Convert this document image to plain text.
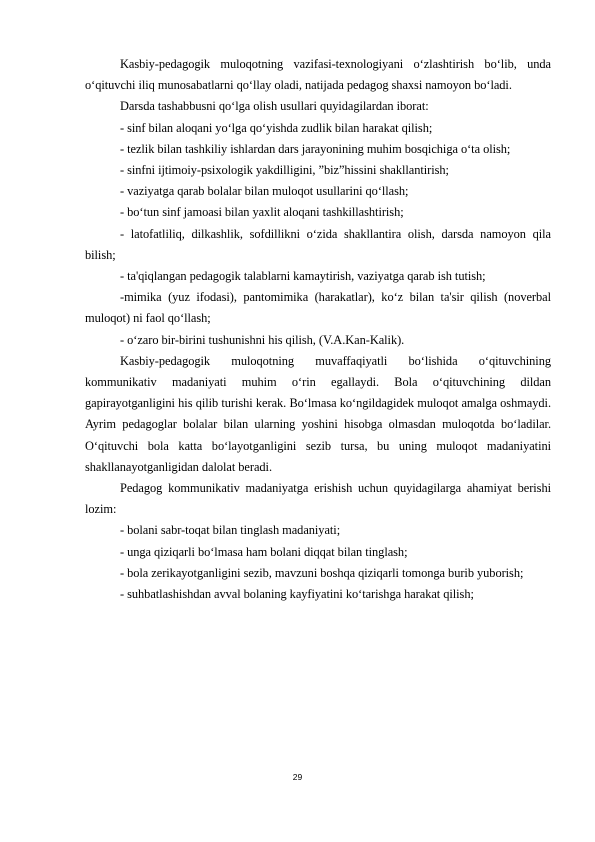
Kasbiy-pedagogik muloqotning vazifasi-texnologiyani o‘zlashtirish bo‘lib, unda o‘qituvchi iliq munosabatlarni qo‘llay oladi, natijada pedagog shaxsi namoyon bo‘ladi.

Darsda tashabbusni qo‘lga olish usullari quyidagilardan iborat:

- sinf bilan aloqani yo‘lga qo‘yishda zudlik bilan harakat qilish;

- tezlik bilan tashkiliy ishlardan dars jarayonining muhim bosqichiga o‘ta olish;

- sinfni ijtimoiy-psixologik yakdilligini, ”biz”hissini shakllantirish;

- vaziyatga qarab bolalar bilan muloqot usullarini qo‘llash;

- bo‘tun sinf jamoasi bilan yaxlit aloqani tashkillashtirish;

- latofatliliq, dilkashlik, sofdillikni o‘zida shakllantira olish, darsda namoyon qila bilish;

- ta'qiqlangan pedagogik talablarni kamaytirish, vaziyatga qarab ish tutish;

-mimika (yuz ifodasi), pantomimika (harakatlar), ko‘z bilan ta'sir qilish (noverbal muloqot) ni faol qo‘llash;

- o‘zaro bir-birini tushunishni his qilish, (V.A.Kan-Kalik).

Kasbiy-pedagogik muloqotning muvaffaqiyatli bo‘lishida o‘qituvchining kommunikativ madaniyati muhim o‘rin egallaydi. Bola o‘qituvchining dildan gapirayotganligini his qilib turishi kerak. Bo‘lmasa ko‘ngildagidek muloqot amalga oshmaydi. Ayrim pedagoglar bolalar bilan ularning yoshini hisobga olmasdan muloqotda bo‘ladilar. O‘qituvchi bola katta bo‘layotganligini sezib tursa, bu uning muloqot madaniyatini shakllanayotganligidan dalolat beradi.

Pedagog kommunikativ madaniyatga erishish uchun quyidagilarga ahamiyat berishi lozim:

- bolani sabr-toqat bilan tinglash madaniyati;

- unga qiziqarli bo‘lmasa ham bolani diqqat bilan tinglash;

- bola zerikayotganligini sezib, mavzuni boshqa qiziqarli tomonga burib yuborish;

- suhbatlashishdan avval bolaning kayfiyatini ko‘tarishga harakat qilish;

29
